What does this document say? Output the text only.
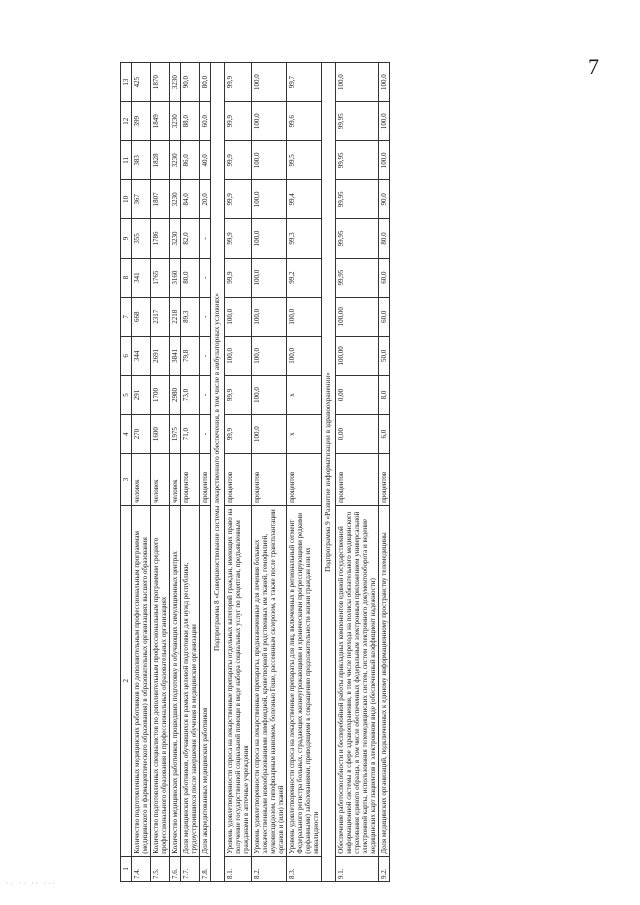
7
·· ·· ·· ···
1	2	3	4	5	6	7	8	9	10	11	12	13
7.4.	Количество подготовленных медицинских работников по дополнительным профессиональным программам (медицинского и фармацевтического образования) в образовательных организациях высшего образования	человек	270	291	344	668	341	355	367	383	399	425
7.5.	Количество подготовленных специалистов по дополнительным профессиональным программам среднего профессионального образования в профессиональных образовательных организациях	человек	1600	1700	2691	2317	1765	1786	1807	1828	1849	1870
7.6.	Количество медицинских работников, прошедших подготовку в обучающих симуляционных центрах	человек	1975	2980	3841	2218	3160	3230	3230	3230	3230	3230
7.7.	Доля медицинских работников, обучавшихся в рамках целевой подготовки для нужд республики, трудоустроившихся после завершения обучения в медицинские организации	процентов	71,0	73,0	79,8	89,3	80,0	82,0	84,0	86,0	88,0	90,0
7.8.	Доля аккредитованных медицинских работников	процентов	-	-	-	-	-	-	20,0	40,0	60,0	80,0
Подпрограмма 8 «Совершенствование системы лекарственного обеспечения, в том числе в амбулаторных условиях»												
8.1.	Уровень удовлетворенности спроса на лекарственные препараты отдельных категорий граждан, имеющих право на получение государственной социальной помощи в виде набора социальных услуг по рецептам, предъявленным гражданами в аптечные учреждения	процентов	99,9	99,9	100,0	100,0	99,9	99,9	99,9	99,9	99,9	99,9
8.2.	Уровень удовлетворенности спроса на лекарственные препараты, предназначенные для лечения больных злокачественными новообразованиями лимфоидной, кроветворной и родственных им тканей, гемофилией, муковисцидозом, гипофизарным нанизмом, болезнью Гоше, рассеянным склерозом, а также после трансплантации органов и (или) тканей	процентов	100,0	100,0	100,0	100,0	100,0	100,0	100,0	100,0	100,0	100,0
8.3.	Уровень удовлетворенности спроса на лекарственные препараты для лиц, включенных в региональный сегмент Федерального регистра больных, страдающих жизнеугрожающими и хроническими прогрессирующими редкими (орфанными) заболеваниями, приводящими к сокращению продолжительности жизни граждан или их инвалидности	процентов	x	x	100,0	100,0	99,2	99,3	99,4	99,5	99,6	99,7
Подпрограмма 9 «Развитие информатизации в здравоохранении»												
9.1.	Обеспечение работоспособности и бесперебойной работы прикладных компонентов единой государственной информационной системы в сфере здравоохранения, в том числе перехода на полисы обязательного медицинского страхования единого образца, в том числе обеспеченных федеральным электронным приложением универсальной электронной карты, использования телемедицинских систем, систем электронного документооборота и ведение медицинских карт пациентов в электронном виде (обеспеченный коэффициент надежности)	процентов	0,00	0,00	100,00	100,00	99,95	99,95	99,95	99,95	99,95	100,0
9.2.	Доля медицинских организаций, подключенных к единому информационному пространству телемедицины	процентов	6,0	8,0	50,0	60,0	60,0	80,0	90,0	100,0	100,0	100,0
